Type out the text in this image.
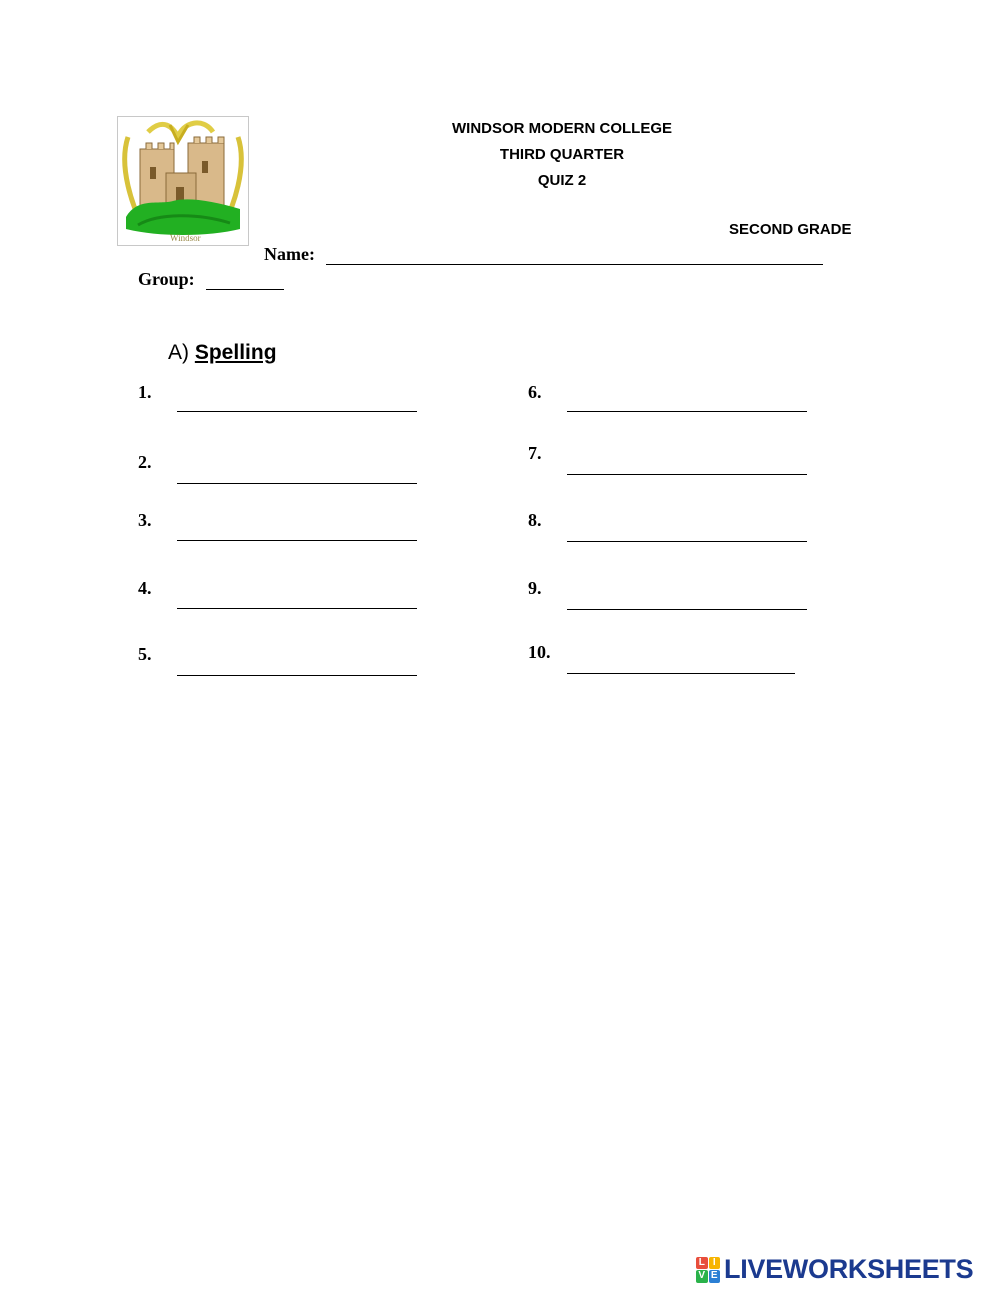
Windsor
WINDSOR MODERN COLLEGE
THIRD QUARTER
QUIZ 2
SECOND GRADE
Name:
Group:
A) Spelling
1.
2.
3.
4.
5.
6.
7.
8.
9.
10.
L I
V E LIVEWORKSHEETS
